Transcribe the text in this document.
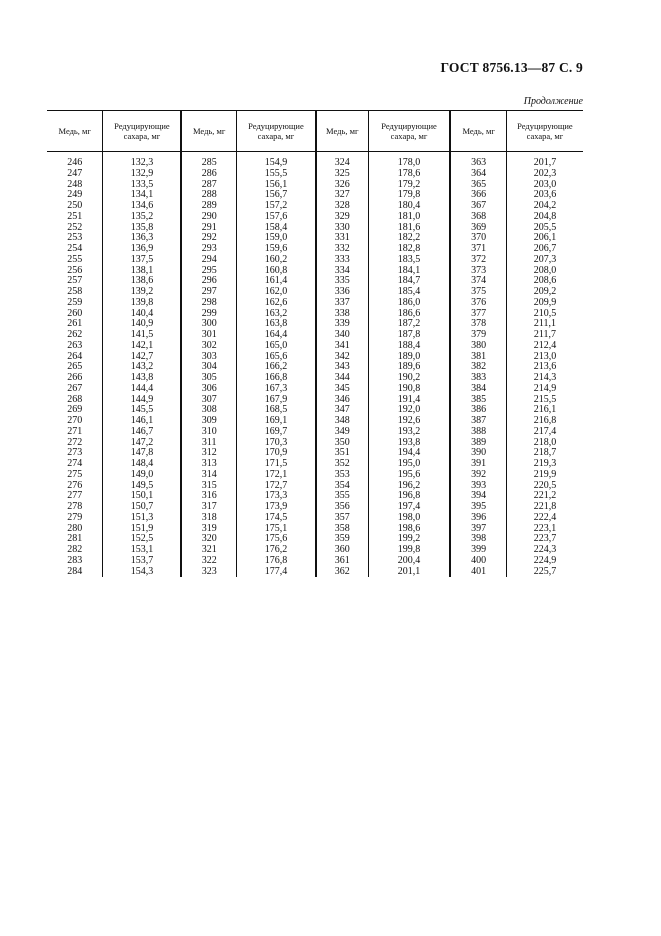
ГОСТ 8756.13—87 С. 9
Продолжение
Медь, мг	Редуцирующие сахара, мг	Медь, мг	Редуцирующие сахара, мг	Медь, мг	Редуцирующие сахара, мг	Медь, мг	Редуцирующие сахара, мг
246	132,3	285	154,9	324	178,0	363	201,7
247	132,9	286	155,5	325	178,6	364	202,3
248	133,5	287	156,1	326	179,2	365	203,0
249	134,1	288	156,7	327	179,8	366	203,6
250	134,6	289	157,2	328	180,4	367	204,2
251	135,2	290	157,6	329	181,0	368	204,8
252	135,8	291	158,4	330	181,6	369	205,5
253	136,3	292	159,0	331	182,2	370	206,1
254	136,9	293	159,6	332	182,8	371	206,7
255	137,5	294	160,2	333	183,5	372	207,3
256	138,1	295	160,8	334	184,1	373	208,0
257	138,6	296	161,4	335	184,7	374	208,6
258	139,2	297	162,0	336	185,4	375	209,2
259	139,8	298	162,6	337	186,0	376	209,9
260	140,4	299	163,2	338	186,6	377	210,5
261	140,9	300	163,8	339	187,2	378	211,1
262	141,5	301	164,4	340	187,8	379	211,7
263	142,1	302	165,0	341	188,4	380	212,4
264	142,7	303	165,6	342	189,0	381	213,0
265	143,2	304	166,2	343	189,6	382	213,6
266	143,8	305	166,8	344	190,2	383	214,3
267	144,4	306	167,3	345	190,8	384	214,9
268	144,9	307	167,9	346	191,4	385	215,5
269	145,5	308	168,5	347	192,0	386	216,1
270	146,1	309	169,1	348	192,6	387	216,8
271	146,7	310	169,7	349	193,2	388	217,4
272	147,2	311	170,3	350	193,8	389	218,0
273	147,8	312	170,9	351	194,4	390	218,7
274	148,4	313	171,5	352	195,0	391	219,3
275	149,0	314	172,1	353	195,6	392	219,9
276	149,5	315	172,7	354	196,2	393	220,5
277	150,1	316	173,3	355	196,8	394	221,2
278	150,7	317	173,9	356	197,4	395	221,8
279	151,3	318	174,5	357	198,0	396	222,4
280	151,9	319	175,1	358	198,6	397	223,1
281	152,5	320	175,6	359	199,2	398	223,7
282	153,1	321	176,2	360	199,8	399	224,3
283	153,7	322	176,8	361	200,4	400	224,9
284	154,3	323	177,4	362	201,1	401	225,7
